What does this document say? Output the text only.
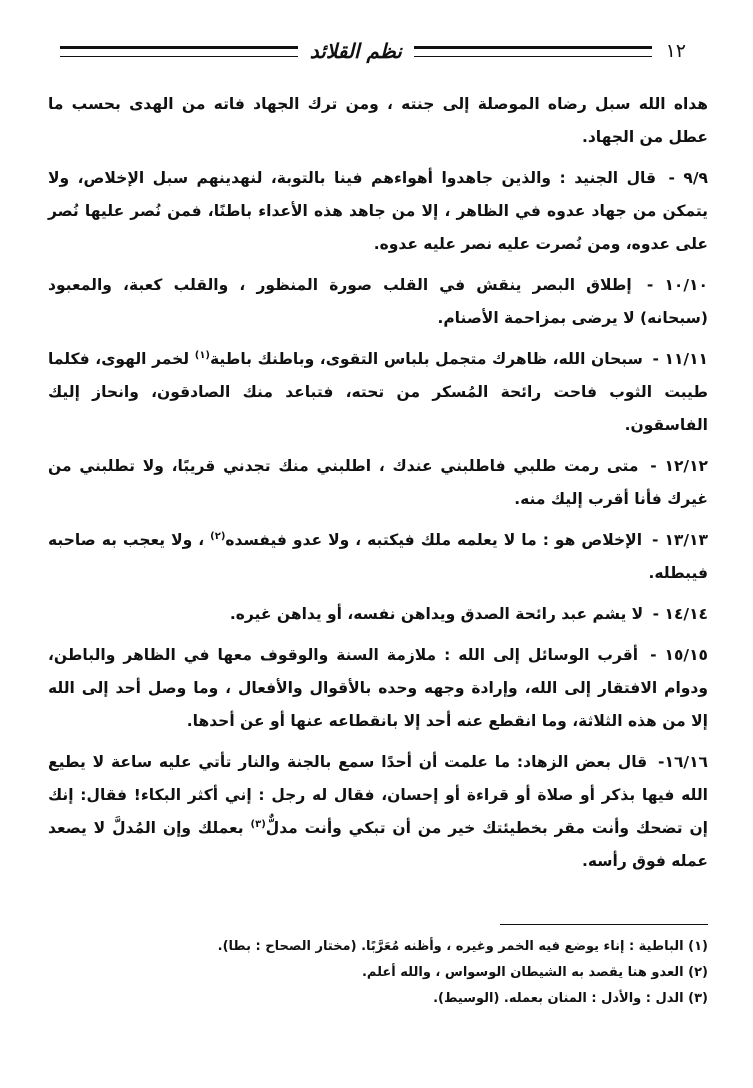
نظم القلائد	١٢

هداه الله سبل رضاه الموصلة إلى جنته ، ومن ترك الجهاد فاته من الهدى بحسب ما عطل من الجهاد.

٩/٩ - قال الجنيد : والذين جاهدوا أهواءهم فينا بالتوبة، لنهدينهم سبل الإخلاص، ولا يتمكن من جهاد عدوه في الظاهر ، إلا من جاهد هذه الأعداء باطنًا، فمن نُصر عليها نُصر على عدوه، ومن نُصرت عليه نصر عليه عدوه.

١٠/١٠ - إطلاق البصر ينقش في القلب صورة المنظور ، والقلب كعبة، والمعبود (سبحانه) لا يرضى بمزاحمة الأصنام.

١١/١١ - سبحان الله، ظاهرك متجمل بلباس التقوى، وباطنك باطية$^{(١)}$ لخمر الهوى، فكلما طيبت الثوب فاحت رائحة المُسكر من تحته، فتباعد منك الصادقون، وانحاز إليك الفاسقون.

١٢/١٢ - متى رمت طلبي فاطلبني عندك ، اطلبني منك تجدني قريبًا، ولا تطلبني من غيرك فأنا أقرب إليك منه.

١٣/١٣ - الإخلاص هو : ما لا يعلمه ملك فيكتبه ، ولا عدو فيفسده$^{(٢)}$ ، ولا يعجب به صاحبه فيبطله.

١٤/١٤ - لا يشم عبد رائحة الصدق ويداهن نفسه، أو يداهن غيره.

١٥/١٥ - أقرب الوسائل إلى الله : ملازمة السنة والوقوف معها في الظاهر والباطن، ودوام الافتقار إلى الله، وإرادة وجهه وحده بالأقوال والأفعال ، وما وصل أحد إلى الله إلا من هذه الثلاثة، وما انقطع عنه أحد إلا بانقطاعه عنها أو عن أحدها.

١٦/١٦- قال بعض الزهاد: ما علمت أن أحدًا سمع بالجنة والنار تأتي عليه ساعة لا يطيع الله فيها بذكر أو صلاة أو قراءة أو إحسان، فقال له رجل : إني أكثر البكاء! فقال: إنك إن تضحك وأنت مقر بخطيئتك خير من أن تبكي وأنت مدلٌّ$^{(٣)}$ بعملك وإن المُدلَّ لا يصعد عمله فوق رأسه.

(١) الباطية : إناء يوضع فيه الخمر وغيره ، وأظنه مُعَرَّبًا. (مختار الصحاح : بطا).

(٢) العدو هنا يقصد به الشيطان الوسواس ، والله أعلم.

(٣) الدل : والأدل : المنان بعمله. (الوسيط).
